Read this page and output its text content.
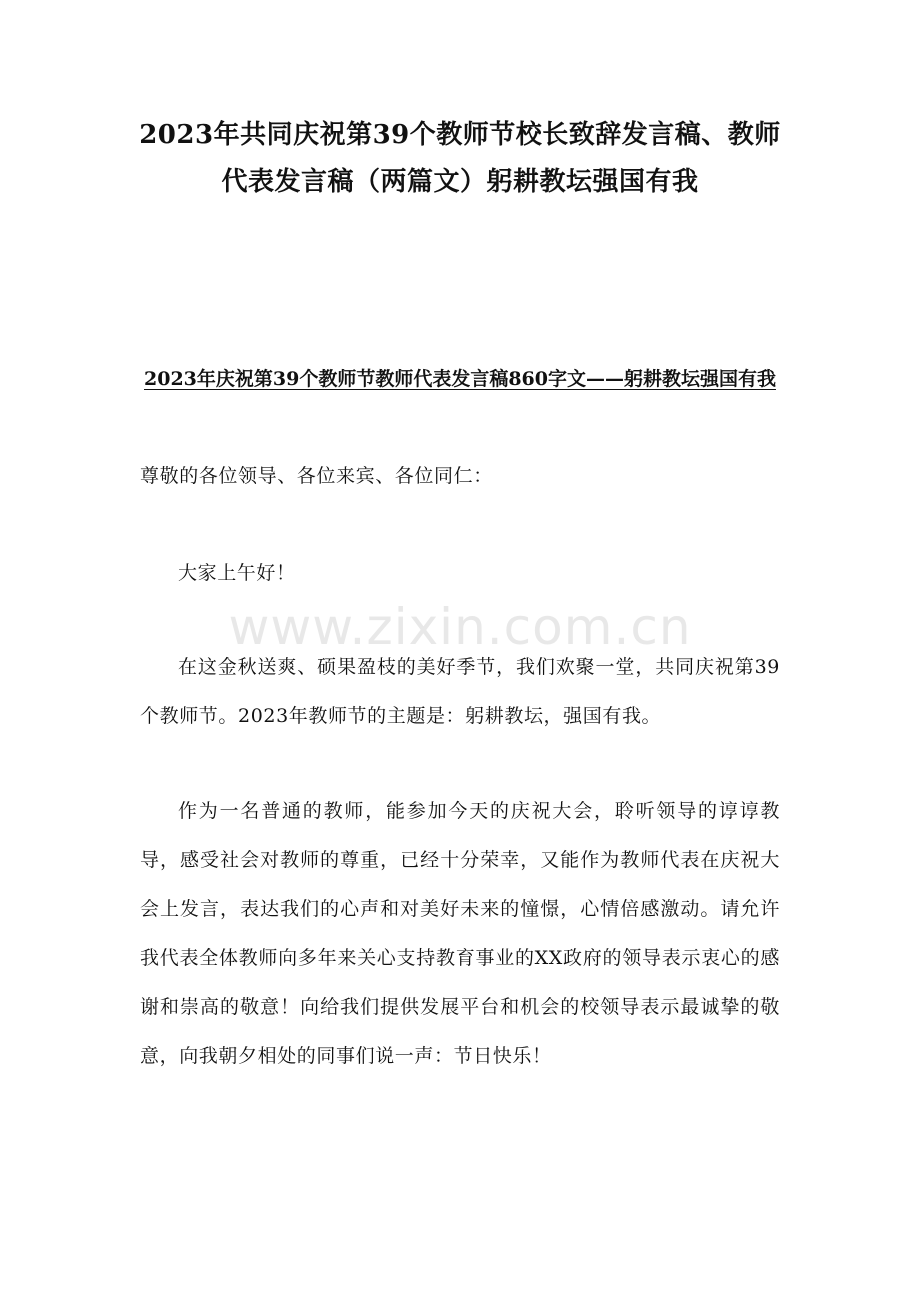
2023年共同庆祝第39个教师节校长致辞发言稿、教师代表发言稿（两篇文）躬耕教坛强国有我
2023年庆祝第39个教师节教师代表发言稿860字文——躬耕教坛强国有我

尊敬的各位领导、各位来宾、各位同仁：

大家上午好！

在这金秋送爽、硕果盈枝的美好季节，我们欢聚一堂，共同庆祝第39个教师节。2023年教师节的主题是：躬耕教坛，强国有我。

作为一名普通的教师，能参加今天的庆祝大会，聆听领导的谆谆教导，感受社会对教师的尊重，已经十分荣幸，又能作为教师代表在庆祝大会上发言，表达我们的心声和对美好未来的憧憬，心情倍感激动。请允许我代表全体教师向多年来关心支持教育事业的XX政府的领导表示衷心的感谢和崇高的敬意！向给我们提供发展平台和机会的校领导表示最诚挚的敬意，向我朝夕相处的同事们说一声：节日快乐！

www.zixin.com.cn
